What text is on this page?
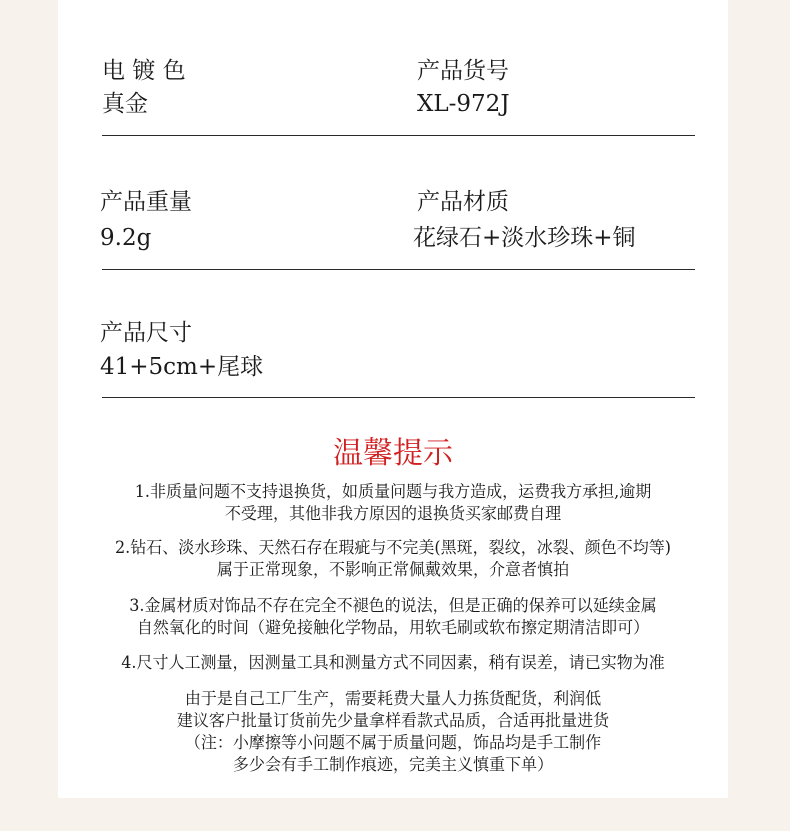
电 镀 色
真金
产品货号
XL-972J
产品重量
9.2g
产品材质
花绿石+淡水珍珠+铜
产品尺寸
41+5cm+尾球
温馨提示
1.非质量问题不支持退换货，如质量问题与我方造成，运费我方承担,逾期
不受理，其他非我方原因的退换货买家邮费自理
2.钻石、淡水珍珠、天然石存在瑕疵与不完美(黑斑，裂纹，冰裂、颜色不均等)
属于正常现象，不影响正常佩戴效果，介意者慎拍
3.金属材质对饰品不存在完全不褪色的说法，但是正确的保养可以延续金属
自然氧化的时间（避免接触化学物品，用软毛刷或软布擦定期清洁即可）
4.尺寸人工测量，因测量工具和测量方式不同因素，稍有误差，请已实物为准
由于是自己工厂生产，需要耗费大量人力拣货配货，利润低
建议客户批量订货前先少量拿样看款式品质，合适再批量进货
（注：小摩擦等小问题不属于质量问题，饰品均是手工制作
多少会有手工制作痕迹，完美主义慎重下单）
